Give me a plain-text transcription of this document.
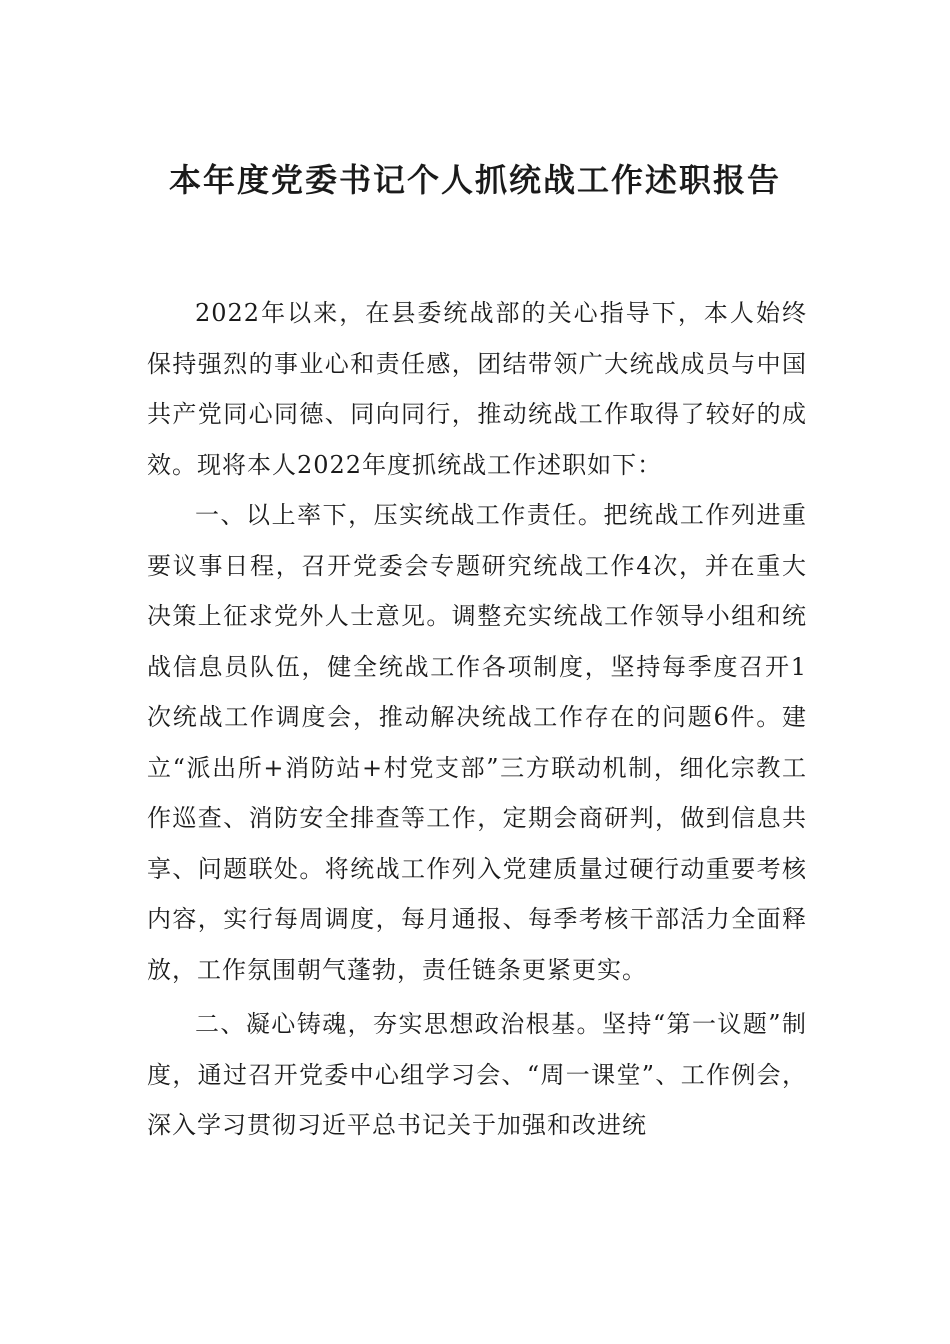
本年度党委书记个人抓统战工作述职报告

2022年以来，在县委统战部的关心指导下，本人始终保持强烈的事业心和责任感，团结带领广大统战成员与中国共产党同心同德、同向同行，推动统战工作取得了较好的成效。现将本人2022年度抓统战工作述职如下：

一、以上率下，压实统战工作责任。把统战工作列进重要议事日程，召开党委会专题研究统战工作4次，并在重大决策上征求党外人士意见。调整充实统战工作领导小组和统战信息员队伍，健全统战工作各项制度，坚持每季度召开1次统战工作调度会，推动解决统战工作存在的问题6件。建立“派出所+消防站+村党支部”三方联动机制，细化宗教工作巡查、消防安全排查等工作，定期会商研判，做到信息共享、问题联处。将统战工作列入党建质量过硬行动重要考核内容，实行每周调度，每月通报、每季考核干部活力全面释放，工作氛围朝气蓬勃，责任链条更紧更实。

二、凝心铸魂，夯实思想政治根基。坚持“第一议题”制度，通过召开党委中心组学习会、“周一课堂”、工作例会，深入学习贯彻习近平总书记关于加强和改进统
